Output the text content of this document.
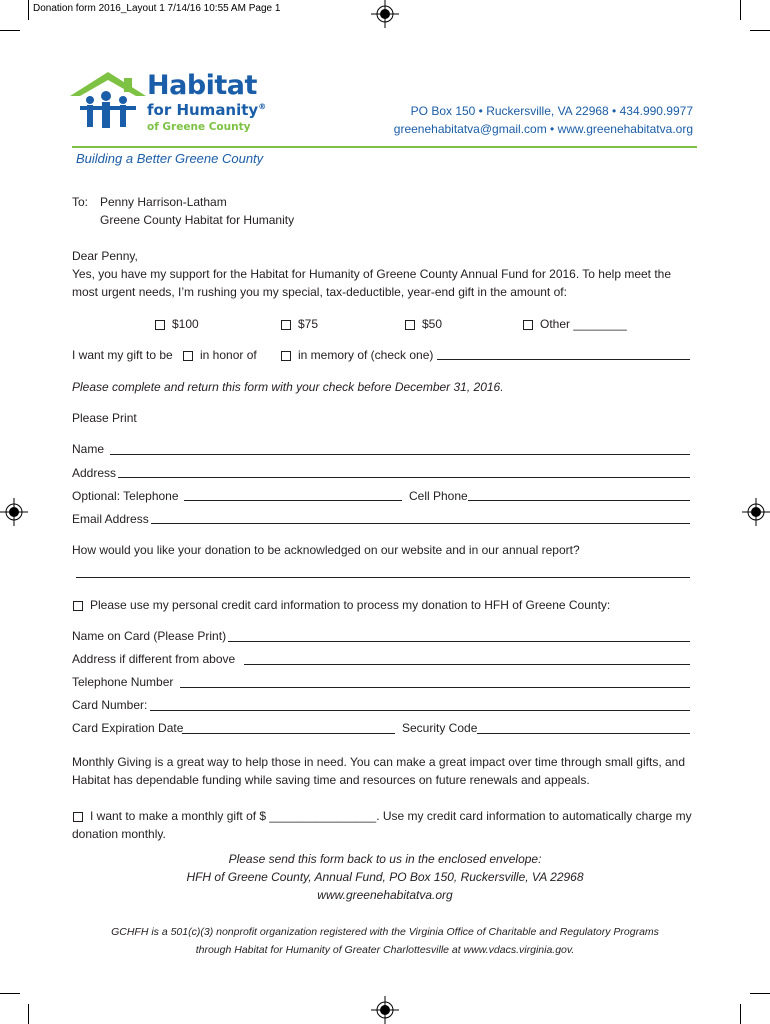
Donation form 2016_Layout 1 7/14/16 10:55 AM Page 1
Habitat
for Humanity®
of Greene County
PO Box 150 • Ruckersville, VA 22968 • 434.990.9977
greenehabitatva@gmail.com • www.greenehabitatva.org
Building a Better Greene County
To: Penny Harrison-Latham
Greene County Habitat for Humanity
Dear Penny,
Yes, you have my support for the Habitat for Humanity of Greene County Annual Fund for 2016. To help meet the
most urgent needs, I’m rushing you my special, tax-deductible, year-end gift in the amount of:
$100	$75	$50	Other ________
I want my gift to be in honor of	in memory of (check one)
Please complete and return this form with your check before December 31, 2016.
Please Print
Name
Address
Optional: Telephone	Cell Phone
Email Address
How would you like your donation to be acknowledged on our website and in our annual report?
Please use my personal credit card information to process my donation to HFH of Greene County:
Name on Card (Please Print)
Address if different from above
Telephone Number
Card Number:
Card Expiration Date	Security Code
Monthly Giving is a great way to help those in need. You can make a great impact over time through small gifts, and
Habitat has dependable funding while saving time and resources on future renewals and appeals.
I want to make a monthly gift of $ ________________. Use my credit card information to automatically charge my
donation monthly.
Please send this form back to us in the enclosed envelope:
HFH of Greene County, Annual Fund, PO Box 150, Ruckersville, VA 22968
www.greenehabitatva.org
GCHFH is a 501(c)(3) nonprofit organization registered with the Virginia Office of Charitable and Regulatory Programs
through Habitat for Humanity of Greater Charlottesville at www.vdacs.virginia.gov.
